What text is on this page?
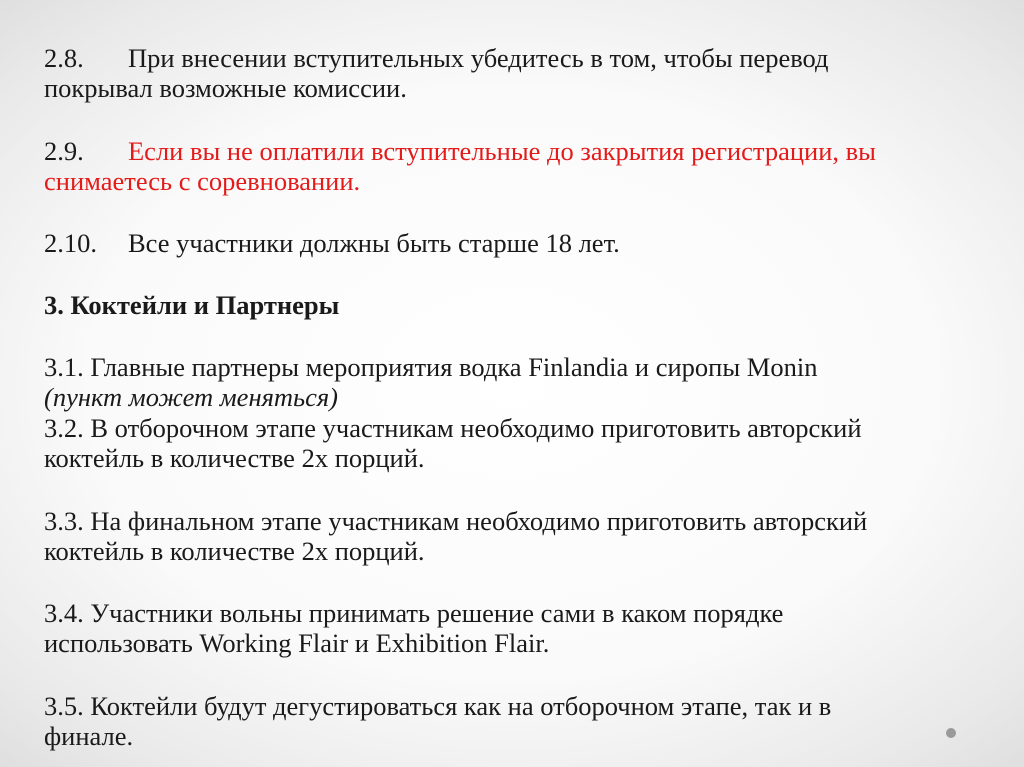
2.8. При внесении вступительных убедитесь в том, чтобы перевод
покрывал возможные комиссии.
2.9. Если вы не оплатили вступительные до закрытия регистрации, вы
снимаетесь с соревновании.
2.10. Все участники должны быть старше 18 лет.
3. Коктейли и Партнеры
3.1. Главные партнеры мероприятия водка Finlandia и сиропы Monin
(пункт может меняться)
3.2. В отборочном этапе участникам необходимо приготовить авторский
коктейль в количестве 2х порций.
3.3. На финальном этапе участникам необходимо приготовить авторский
коктейль в количестве 2х порций.
3.4. Участники вольны принимать решение сами в каком порядке
использовать Working Flair и Exhibition Flair.
3.5. Коктейли будут дегустироваться как на отборочном этапе, так и в
финале.
